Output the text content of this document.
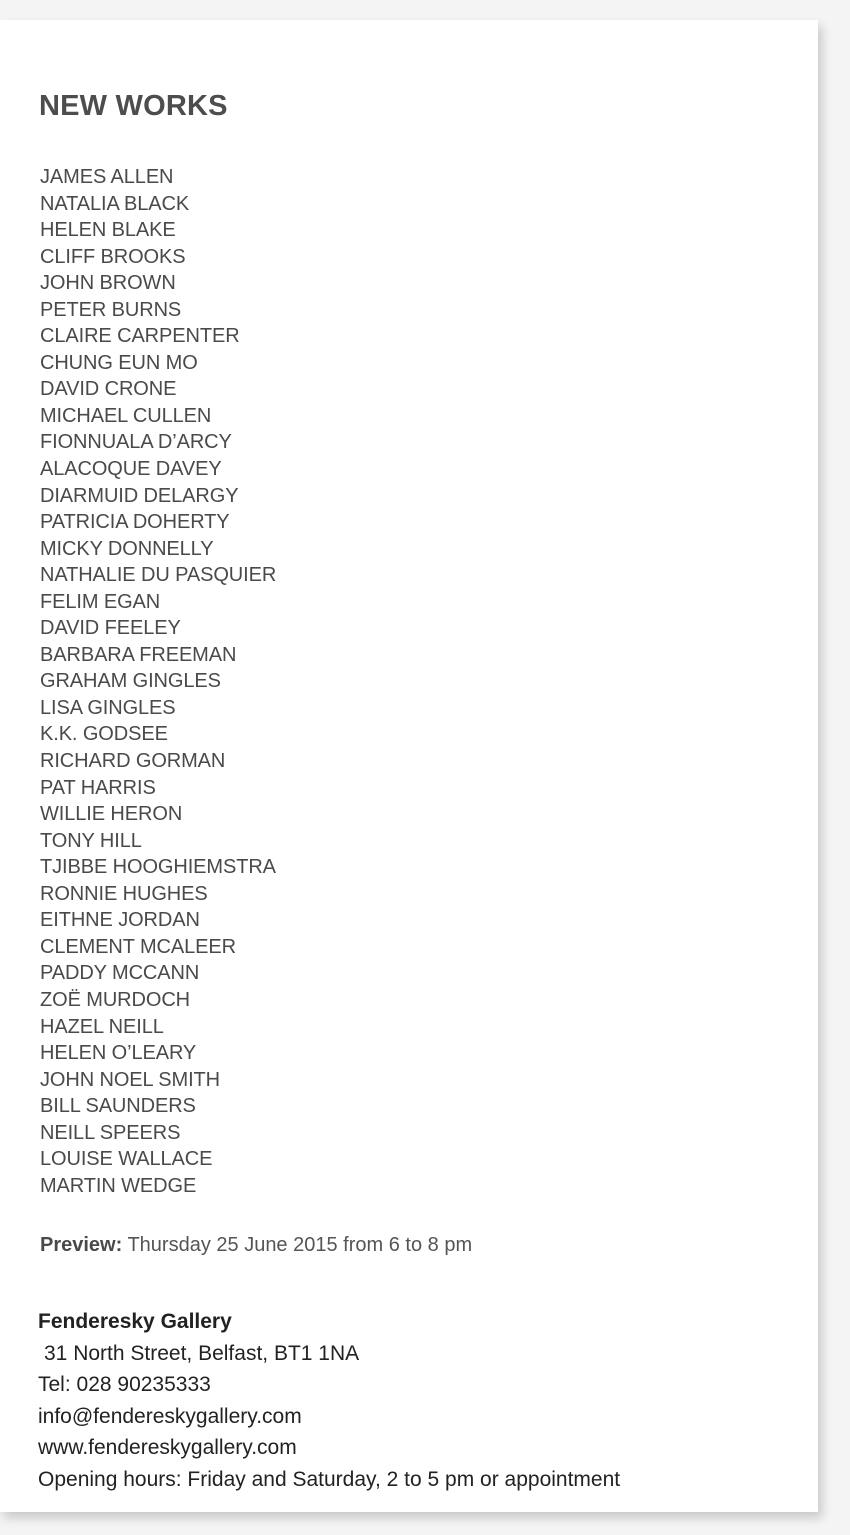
NEW WORKS
JAMES ALLEN
NATALIA BLACK
HELEN BLAKE
CLIFF BROOKS
JOHN BROWN
PETER BURNS
CLAIRE CARPENTER
CHUNG EUN MO
DAVID CRONE
MICHAEL CULLEN
FIONNUALA D’ARCY
ALACOQUE DAVEY
DIARMUID DELARGY
PATRICIA DOHERTY
MICKY DONNELLY
NATHALIE DU PASQUIER
FELIM EGAN
DAVID FEELEY
BARBARA FREEMAN
GRAHAM GINGLES
LISA GINGLES
K.K. GODSEE
RICHARD GORMAN
PAT HARRIS
WILLIE HERON
TONY HILL
TJIBBE HOOGHIEMSTRA
RONNIE HUGHES
EITHNE JORDAN
CLEMENT MCALEER
PADDY MCCANN
ZOË MURDOCH
HAZEL NEILL
HELEN O’LEARY
JOHN NOEL SMITH
BILL SAUNDERS
NEILL SPEERS
LOUISE WALLACE
MARTIN WEDGE
Preview: Thursday 25 June 2015 from 6 to 8 pm
Fenderesky Gallery
31 North Street, Belfast, BT1 1NA
Tel: 028 90235333
info@fendereskygallery.com
www.fendereskygallery.com
Opening hours: Friday and Saturday, 2 to 5 pm or appointment
